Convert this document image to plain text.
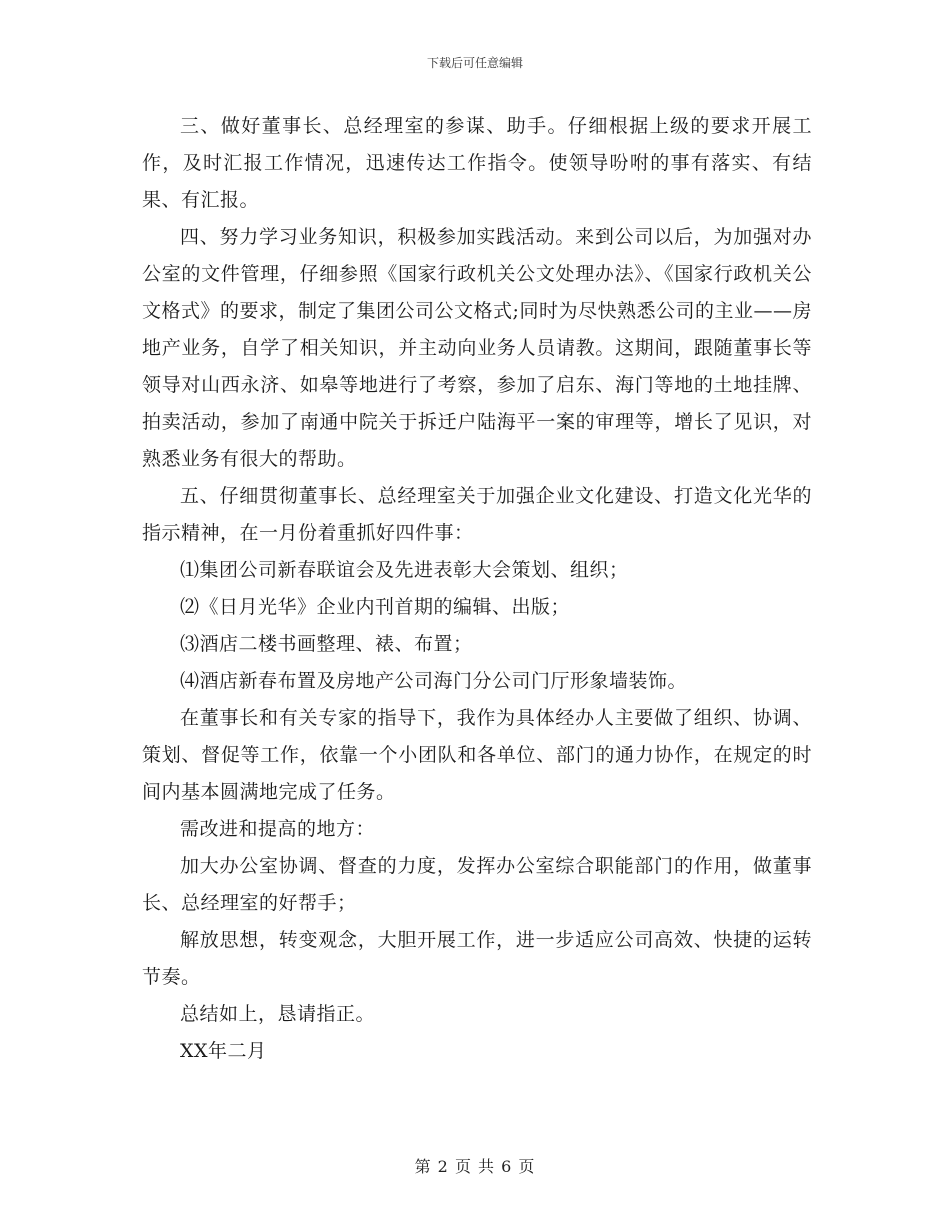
下载后可任意编辑

三、做好董事长、总经理室的参谋、助手。仔细根据上级的要求开展工作，及时汇报工作情况，迅速传达工作指令。使领导吩咐的事有落实、有结果、有汇报。

四、努力学习业务知识，积极参加实践活动。来到公司以后，为加强对办公室的文件管理，仔细参照《国家行政机关公文处理办法》、《国家行政机关公文格式》的要求，制定了集团公司公文格式;同时为尽快熟悉公司的主业——房地产业务，自学了相关知识，并主动向业务人员请教。这期间，跟随董事长等领导对山西永济、如皋等地进行了考察，参加了启东、海门等地的土地挂牌、拍卖活动，参加了南通中院关于拆迁户陆海平一案的审理等，增长了见识，对熟悉业务有很大的帮助。

五、仔细贯彻董事长、总经理室关于加强企业文化建设、打造文化光华的指示精神，在一月份着重抓好四件事：

⑴集团公司新春联谊会及先进表彰大会策划、组织；

⑵《日月光华》企业内刊首期的编辑、出版；

⑶酒店二楼书画整理、裱、布置；

⑷酒店新春布置及房地产公司海门分公司门厅形象墙装饰。

在董事长和有关专家的指导下，我作为具体经办人主要做了组织、协调、策划、督促等工作，依靠一个小团队和各单位、部门的通力协作，在规定的时间内基本圆满地完成了任务。

需改进和提高的地方：

加大办公室协调、督查的力度，发挥办公室综合职能部门的作用，做董事长、总经理室的好帮手；

解放思想，转变观念，大胆开展工作，进一步适应公司高效、快捷的运转节奏。

总结如上，恳请指正。

XX年二月

第 2 页 共 6 页
